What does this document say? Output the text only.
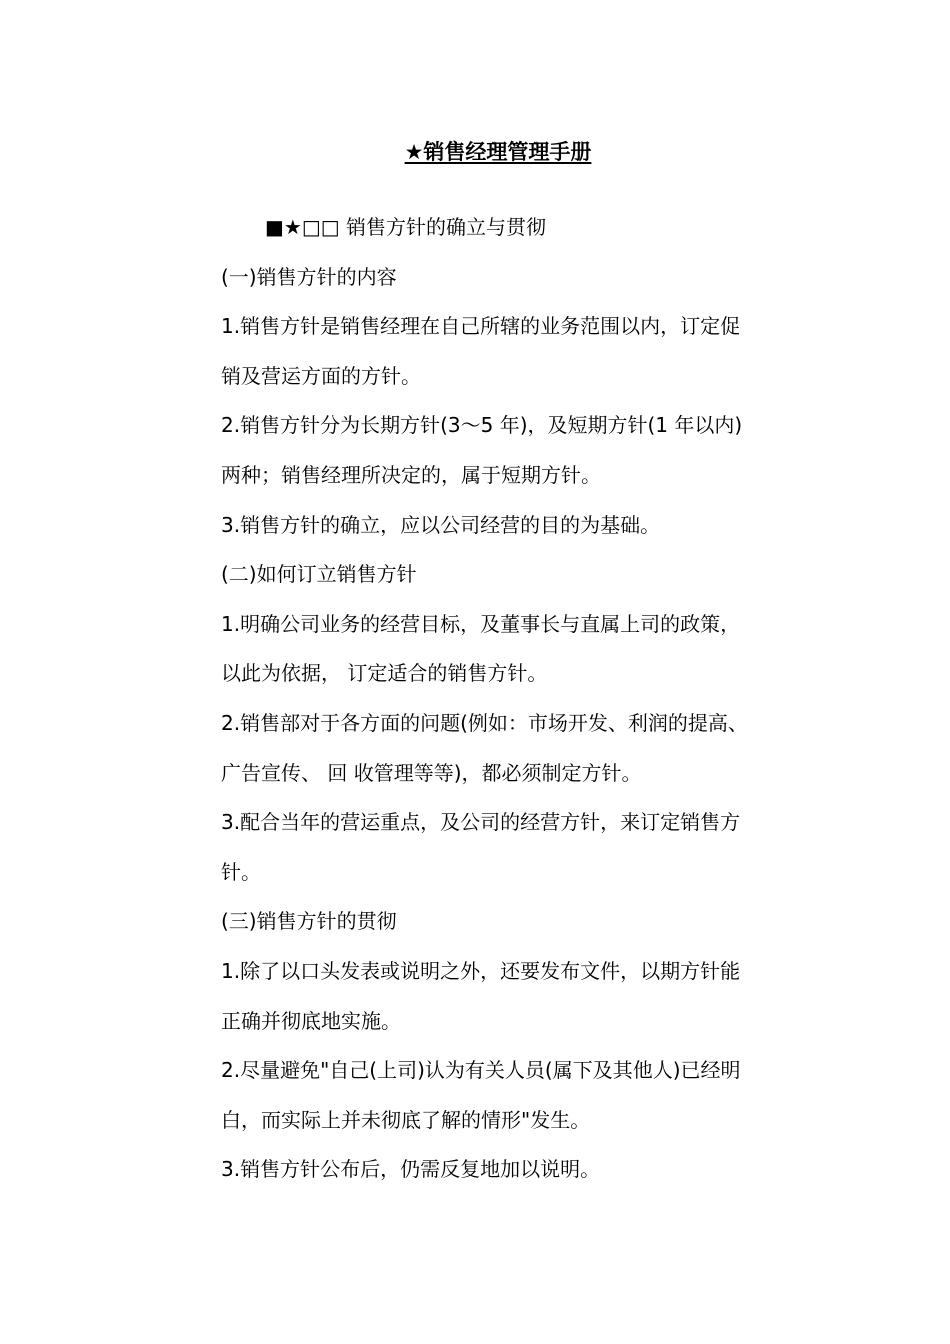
★销售经理管理手册

■★□□ 销售方针的确立与贯彻

(一)销售方针的内容

1.销售方针是销售经理在自己所辖的业务范围以内，订定促

销及营运方面的方针。

2.销售方针分为长期方针(3～5 年)，及短期方针(1 年以内)

两种；销售经理所决定的，属于短期方针。

3.销售方针的确立，应以公司经营的目的为基础。

(二)如何订立销售方针

1.明确公司业务的经营目标，及董事长与直属上司的政策，

以此为依据， 订定适合的销售方针。

2.销售部对于各方面的问题(例如：市场开发、利润的提高、

广告宣传、 回 收管理等等)，都必须制定方针。

3.配合当年的营运重点，及公司的经营方针，来订定销售方

针。

(三)销售方针的贯彻

1.除了以口头发表或说明之外，还要发布文件，以期方针能

正确并彻底地实施。

2.尽量避免"自己(上司)认为有关人员(属下及其他人)已经明

白，而实际上并未彻底了解的情形"发生。

3.销售方针公布后，仍需反复地加以说明。
